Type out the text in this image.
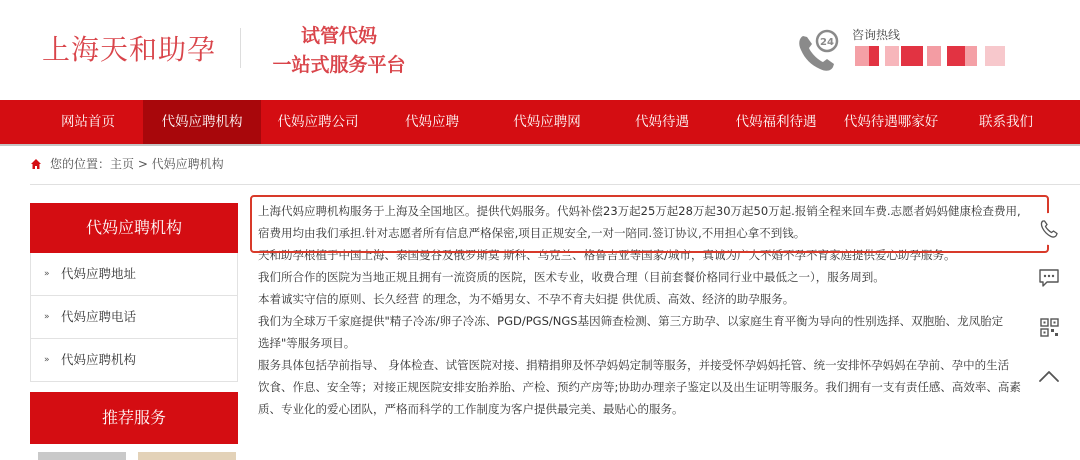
上海天和助孕	试管代妈
一站式服务平台
24
咨询热线
网站首页	代妈应聘机构	代妈应聘公司	代妈应聘	代妈应聘网	代妈待遇	代妈福利待遇	代妈待遇哪家好	联系我们
您的位置：主页 > 代妈应聘机构
代妈应聘机构
» 代妈应聘地址
» 代妈应聘电话
» 代妈应聘机构
推荐服务
上海代妈应聘机构服务于上海及全国地区。提供代妈服务。代妈补偿23万起25万起28万起30万起50万起.报销全程来回车费.志愿者妈妈健康检查费用,
宿费用均由我们承担.针对志愿者所有信息严格保密,项目正规安全,一对一陪同.签订协议,不用担心拿不到钱。
天和助孕根植于中国上海、泰国曼谷及俄罗斯莫 斯科、乌克兰、格鲁吉亚等国家/城市，真诚为广大不婚不孕不育家庭提供爱心助孕服务。
我们所合作的医院为当地正规且拥有一流资质的医院，医术专业，收费合理（目前套餐价格同行业中最低之一），服务周到。
本着诚实守信的原则、长久经营 的理念，为不婚男女、不孕不育夫妇提 供优质、高效、经济的助孕服务。
我们为全球万千家庭提供"精子冷冻/卵子冷冻、PGD/PGS/NGS基因筛查检测、第三方助孕、以家庭生育平衡为导向的性别选择、双胞胎、龙凤胎定
选择"等服务项目。
服务具体包括孕前指导、 身体检查、试管医院对接、捐精捐卵及怀孕妈妈定制等服务，并接受怀孕妈妈托管、统一安排怀孕妈妈在孕前、孕中的生活
饮食、作息、安全等；对接正规医院安排安胎养胎、产检、预约产房等;协助办理亲子鉴定以及出生证明等服务。我们拥有一支有责任感、高效率、高素
质、专业化的爱心团队，严格而科学的工作制度为客户提供最完美、最贴心的服务。
